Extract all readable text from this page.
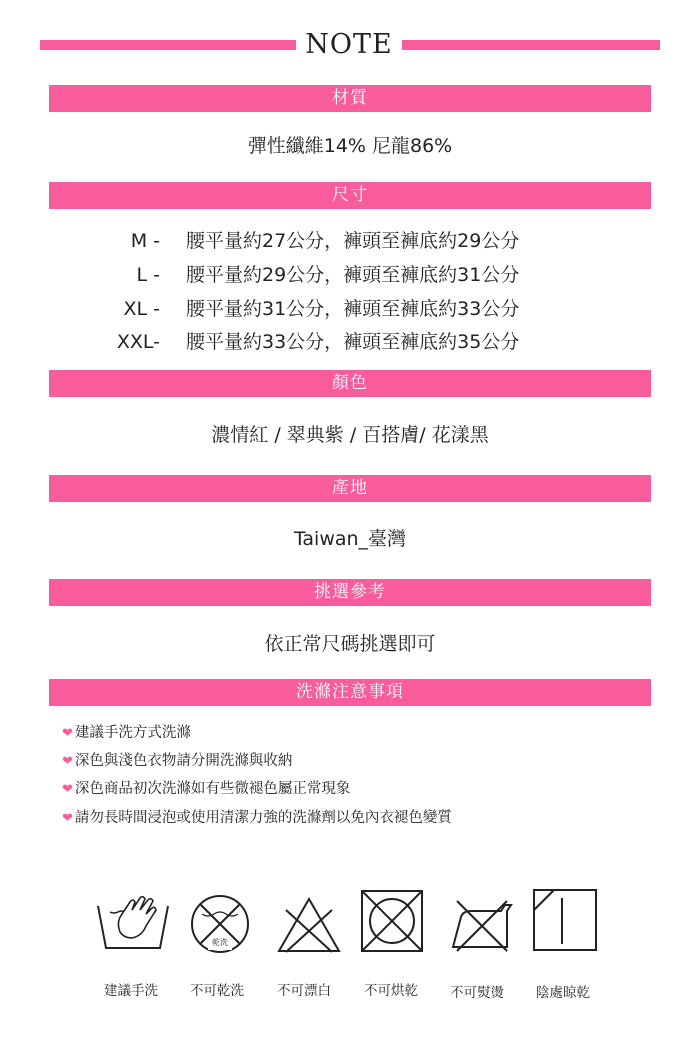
NOTE
材質
彈性纖維14% 尼龍86%
尺寸
M - 腰平量約27公分，褲頭至褲底約29公分
L - 腰平量約29公分，褲頭至褲底約31公分
XL - 腰平量約31公分，褲頭至褲底約33公分
XXL- 腰平量約33公分，褲頭至褲底約35公分
顏色
濃情紅 / 翠典紫 / 百搭膚/ 花漾黑
產地
Taiwan_臺灣
挑選參考
依正常尺碼挑選即可
洗滌注意事項
❤ 建議手洗方式洗滌
❤ 深色與淺色衣物請分開洗滌與收納
❤ 深色商品初次洗滌如有些微褪色屬正常現象
❤ 請勿長時間浸泡或使用清潔力強的洗滌劑以免內衣褪色變質
乾洗
建議手洗 不可乾洗 不可漂白 不可烘乾 不可熨燙 陰處晾乾
